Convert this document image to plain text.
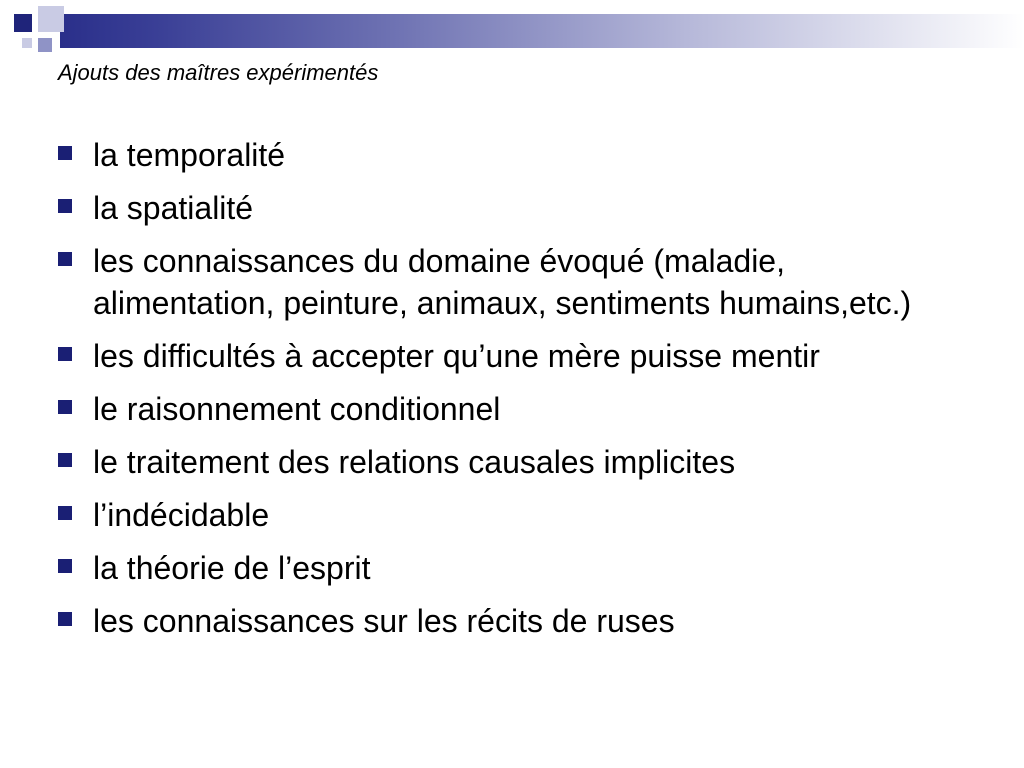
Ajouts des maîtres expérimentés
la temporalité
la spatialité
les connaissances du domaine évoqué (maladie, alimentation, peinture, animaux, sentiments humains,etc.)
les difficultés à accepter qu’une mère puisse mentir
le raisonnement conditionnel
le traitement des relations causales implicites
l’indécidable
la théorie de l’esprit
les connaissances sur les récits de ruses
